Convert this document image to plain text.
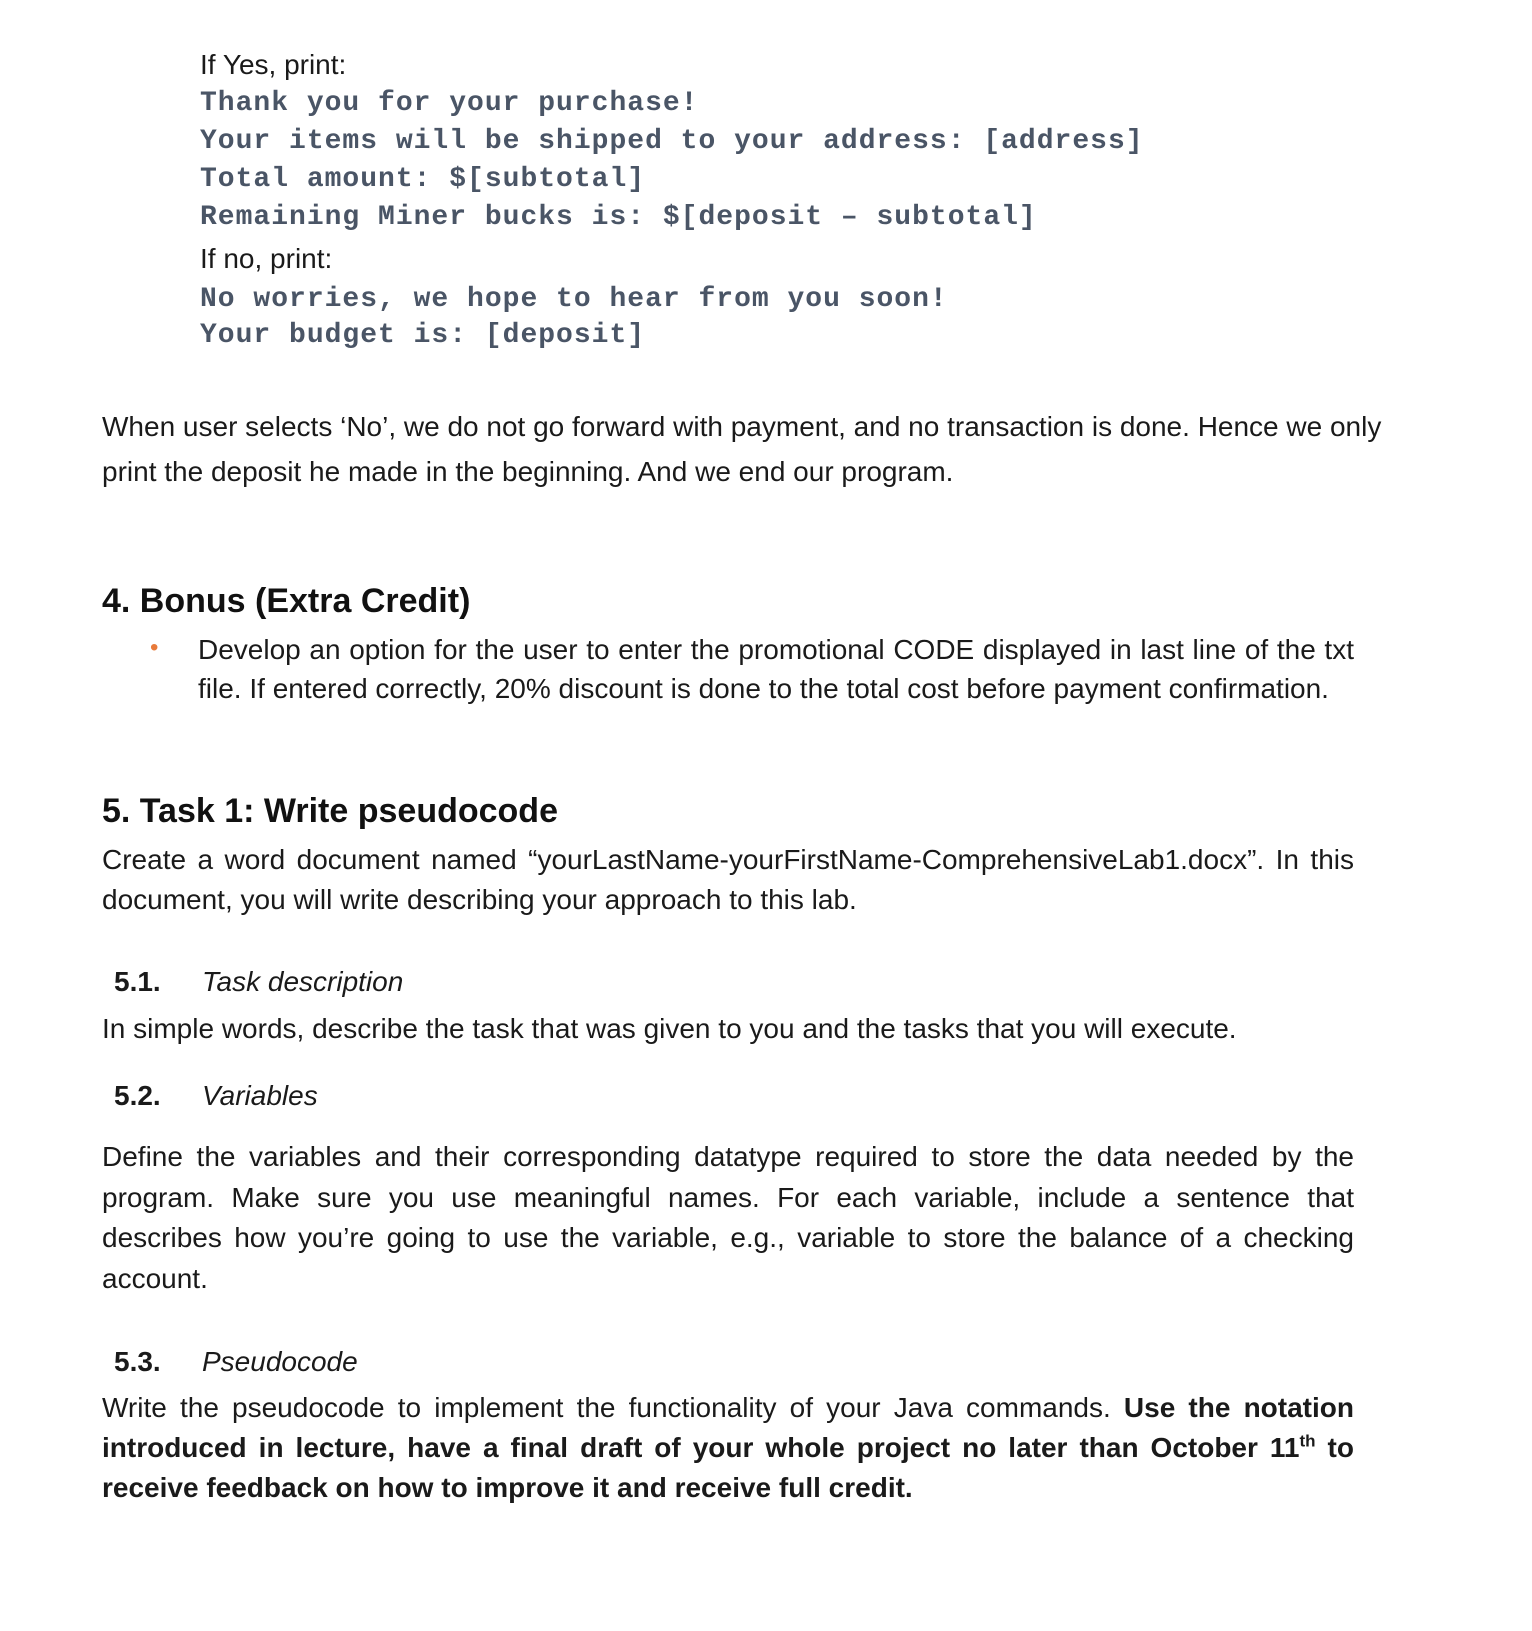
If Yes, print:
Thank you for your purchase!
Your items will be shipped to your address: [address]
Total amount: $[subtotal]
Remaining Miner bucks is: $[deposit – subtotal]
If no, print:
No worries, we hope to hear from you soon!
Your budget is: [deposit]
When user selects ‘No’, we do not go forward with payment, and no transaction is done. Hence we only print the deposit he made in the beginning. And we end our program.
4. Bonus (Extra Credit)
• Develop an option for the user to enter the promotional CODE displayed in last line of the txt file. If entered correctly, 20% discount is done to the total cost before payment confirmation.
5. Task 1: Write pseudocode
Create a word document named “yourLastName-yourFirstName-ComprehensiveLab1.docx”. In this document, you will write describing your approach to this lab.
5.1. Task description
In simple words, describe the task that was given to you and the tasks that you will execute.
5.2. Variables
Define the variables and their corresponding datatype required to store the data needed by the program. Make sure you use meaningful names. For each variable, include a sentence that describes how you’re going to use the variable, e.g., variable to store the balance of a checking account.
5.3. Pseudocode
Write the pseudocode to implement the functionality of your Java commands. Use the notation introduced in lecture, have a final draft of your whole project no later than October 11th to receive feedback on how to improve it and receive full credit.
